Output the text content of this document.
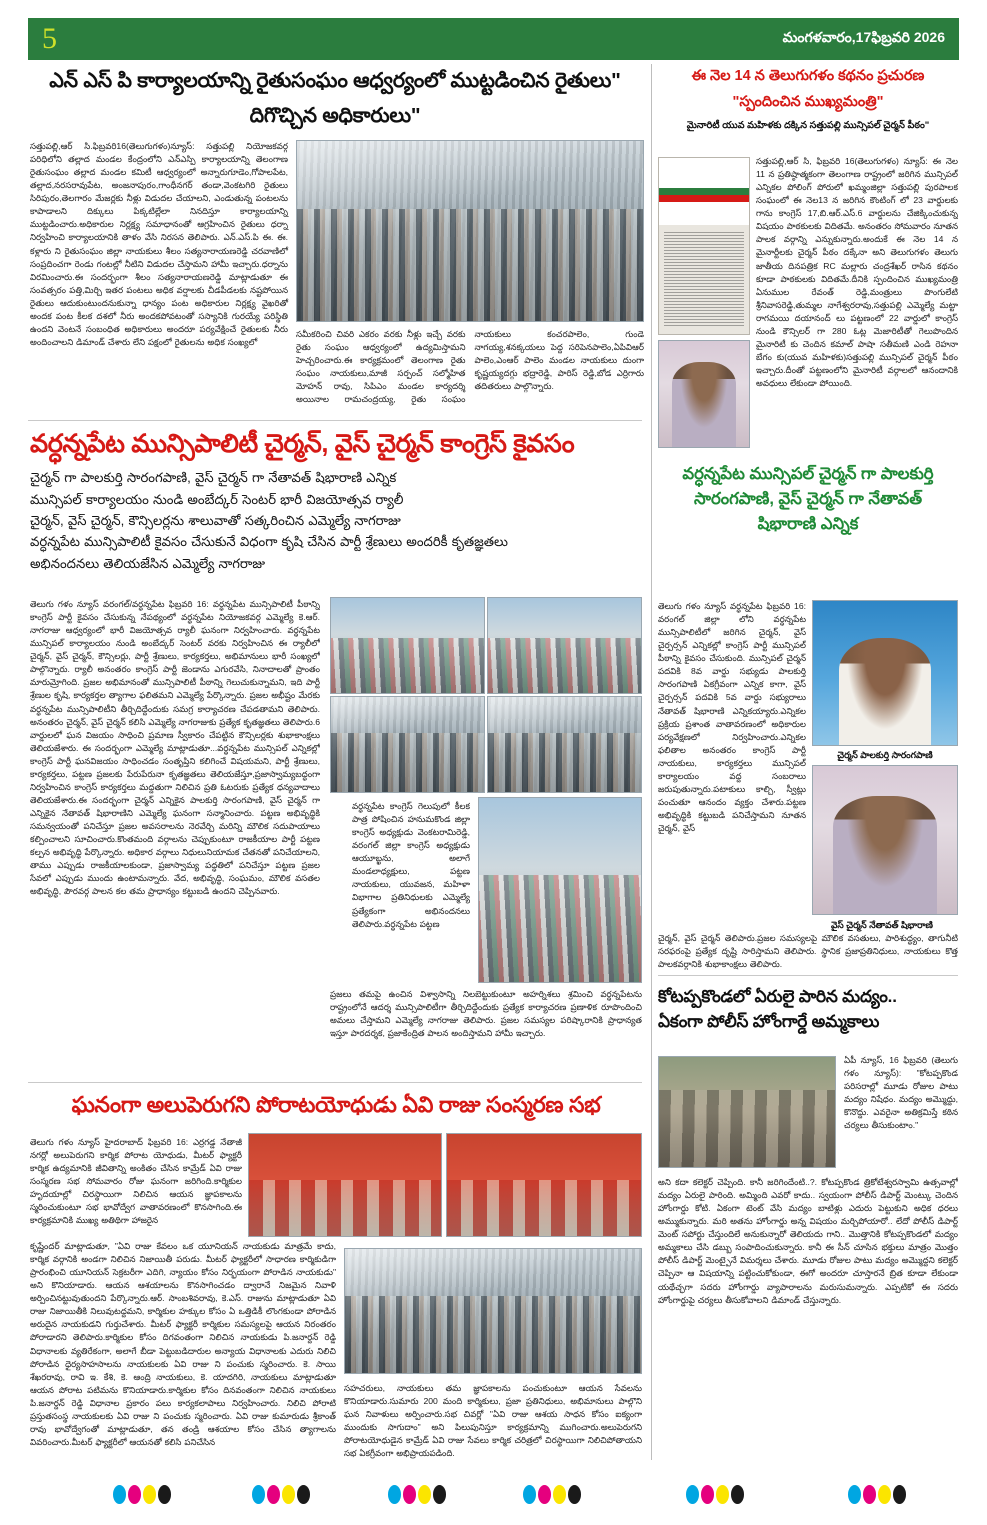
5	మంగళవారం,17ఫిబ్రవరి 2026
ఎన్ ఎస్ పి కార్యాలయాన్ని రైతుసంఘం ఆధ్వర్యంలో ముట్టడించిన రైతులు"
దిగొచ్చిన అధికారులు"

సత్తుపల్లి,ఆర్ సి.ఫిబ్రవరి16(తెలుగుగళం)న్యూస్: సత్తుపల్లి నియోజకవర్గ పరిధిలోని తల్లాద మండల కేంద్రంలోని ఎన్ఎస్పి కార్యాలయాన్ని తెలంగాణ రైతుసంఘం తల్లాద మండల కమిటీ ఆధ్వర్యంలో అన్నారుగూడెం,గోపాలపేట, తల్లాద,నరసరావుపేట, అంజనాపురం,గాంధీనగర్ తండా,వెంకటగిరి రైతులు సిరిపురం,తెలగారం మేజర్లకు నీళ్లు విడుదల చేయాలని, ఎండుతున్న పంటలను కాపాడాలని దిక్కులు పిక్కటిల్లేలా నినదిస్తూ కార్యాలయాన్ని ముట్టడించారు.అధికారుల నిర్లక్ష్య సమాధానంతో ఆగ్రహించిన రైతులు ధర్నా నిర్వహించి కార్యాలయానికి తాళం వేసి నిరసన తెలిపారు. ఎన్.ఎస్.పి ఈ. ఈ. కళ్లారు ని రైతుసంఘం జిల్లా నాయకులు శీలం సత్యనారాయణరెడ్డి చరవాణిలో సంప్రదించగా రెండు గంటల్లో నీటిని విడుదల చేస్తామని హామీ ఇచ్చారు.ధర్నాను విరమించారు.ఈ సందర్భంగా శీలం సత్యనారాయణరెడ్డి మాట్లాడుతూ ఈ సంవత్సరం పత్తి,మిర్చి ఇతర పంటలు అధిక వర్షాలకు చీడపీడలకు నష్టపోయిన రైతులు ఆదుకుంటుందనుకున్నా ధాన్యం పంట అధికారుల నిర్లక్ష్య వైఖరితో అందక పంట కీలక దశలో నీరు అందకపోవటంతో సస్యానికి గురయ్యే పరిస్థితి ఉందని వెంటనే సంబంధిత అధికారులు అందరూ పర్యవేక్షించే రైతులకు నీరు అందించాలని డిమాండ్ చేశారు లేని పక్షంలో రైతులను అధిక సంఖ్యలో

సమీకరించి చివరి ఎకరం వరకు నీళ్లు ఇచ్చే వరకు రైతు సంఘం ఆధ్వర్యంలో ఉద్యమిస్తామని హెచ్చరించారు.ఈ కార్యక్రమంలో తెలంగాణ రైతు సంఘం నాయకులు,మాజీ సర్పంచ్ సల్మోహిత మోహన్ రావు, సిపిఎం మండల కార్యదర్శి అయినాల రామచంద్రయ్య, రైతు సంఘం నాయకులు కంచరపాలెం, గుండె నాగయ్య,శనక్కయలు పెద్ద సరిపెనపాలెం,ఏపివిఆర్ పాలెం,ఎంఆర్ పాలెం మండల నాయకులు దుంగా కృష్ణయ్యదగ్గు భద్రారెడ్డి, పారిస్ రెడ్డి,బోడ ఎర్రిగారు తదితరులు పాల్గొన్నారు.

ఈ నెల 14 న తెలుగుగళం కథనం ప్రచురణ
"స్పందించిన ముఖ్యమంత్రి"
మైనారిటీ యువ మహిళకు దక్కిన సత్తుపల్లి మున్సిపల్ చైర్మన్ పీఠం"

సత్తుపల్లి,ఆర్ సి, ఫిబ్రవరి 16(తెలుగుగళం) న్యూస్: ఈ నెల 11 న ప్రతిష్ఠాత్మకంగా తెలంగాణ రాష్ట్రంలో జరిగిన మున్సిపల్ ఎన్నికల పోలింగ్ పోరులో ఖమ్మంజిల్లా సత్తుపల్లి పురపాలక సంఘంలో ఈ నెల13 న జరిగిన కౌంటింగ్ లో 23 వార్డులకు గాను కాంగ్రెస్ 17,బి.ఆర్.ఎస్.6 వార్డులను చేజిక్కించుకున్న విషయం పాఠకులకు విదితమే. అనంతరం సోమవారం నూతన పాలక వర్గాన్ని ఎన్నుకున్నారు.అందుకే ఈ నెల 14 న మైనార్టీలకు చైర్మన్ పీఠం దక్కేనా అని తెలుగుగళం తెలుగు జాతీయ దినపత్రిక RC మల్లారు చంద్రశేఖర్ రాసిన కథనం కూడా పాఠకులకు విదితమే.దీనికి స్పందించిన ముఖ్యమంత్రి ఏనుముల రేవంత్ రెడ్డి,మంత్రులు పొంగులేటి శ్రీనివాసరెడ్డి,తుమ్మల నాగేశ్వరరావు,సత్తుపల్లి ఎమ్మెల్యే మట్టా రాగమయి దయానంద్ లు పట్టణంలో 22 వార్డులో కాంగ్రెస్ నుండి కౌన్సిలర్ గా 280 ఓట్ల మెజారిటీతో గెలుపొందిన మైనారిటీ కు చెందిన కమాల్ పాషా సతీమణి ఎండి రెహనా బేగం కు(యువ మహిళకు)సత్తుపల్లి మున్సిపల్ చైర్మన్ పీఠం ఇచ్చారు.దీంతో పట్టణంలోని మైనారిటీ వర్గాలలో ఆనందానికి అవధులు లేకుండా పోయింది.

వర్ధన్నపేట మున్సిపాలిటీ చైర్మన్, వైస్ చైర్మన్ కాంగ్రెస్ కైవసం
చైర్మన్ గా పాలకుర్తి సారంగపాణి, వైస్ చైర్మన్ గా నేతావత్ షిభారాణి ఎన్నిక
మున్సిపల్ కార్యాలయం నుండి అంబేద్కర్ సెంటర్ భారీ విజయోత్సవ ర్యాలీ
చైర్మన్, వైస్ చైర్మన్, కౌన్సిలర్లను శాలువాతో సత్కరించిన ఎమ్మెల్యే నాగరాజు
వర్ధన్నపేట మున్సిపాలిటీ కైవసం చేసుకునే విధంగా కృషి చేసిన పార్టీ శ్రేణులు అందరికీ కృతజ్ఞతలు
అభినందనలు తెలియజేసిన ఎమ్మెల్యే నాగరాజు

తెలుగు గళం న్యూస్ వరంగల్/వర్ధన్నపేట ఫిబ్రవరి 16: వర్ధన్నపేట మున్సిపాలిటీ పీఠాన్ని కాంగ్రెస్ పార్టీ కైవసం చేసుకున్న నేపథ్యంలో వర్ధన్నపేట నియోజకవర్గ ఎమ్మెల్యే కె.ఆర్. నాగరాజు ఆధ్వర్యంలో భారీ విజయోత్సవ ర్యాలీ ఘనంగా నిర్వహించారు. వర్ధన్నపేట మున్సిపల్ కార్యాలయం నుండి అంబేద్కర్ సెంటర్ వరకు నిర్వహించిన ఈ ర్యాలీలో చైర్మన్, వైస్ చైర్మన్, కౌన్సిలర్లు, పార్టీ శ్రేణులు, కార్యకర్తలు, అభిమానులు భారీ సంఖ్యలో పాల్గొన్నారు. ర్యాలీ అనంతరం కాంగ్రెస్ పార్టీ జెండాను ఎగురవేసి, నినాదాలతో ప్రాంతం మారుమ్రోగింది. ప్రజల అభిమానంతో మున్సిపాలిటీ పీఠాన్ని గెలుచుకున్నామని, ఇది పార్టీ శ్రేణుల కృషి, కార్యకర్తల త్యాగాల ఫలితమని ఎమ్మెల్యే పేర్కొన్నారు. ప్రజల అభీష్టం మేరకు వర్ధన్నపేట మున్సిపాలిటీని తీర్చిదిద్దేందుకు సమగ్ర కార్యాచరణ చేపడతామని తెలిపారు. అనంతరం చైర్మన్, వైస్ చైర్మన్ కలిసి ఎమ్మెల్యే నాగరాజుకు ప్రత్యేక కృతజ్ఞతలు తెలిపారు.6 వార్డులలో ఘన విజయం సాధించి ప్రమాణ స్వీకారం చేపట్టిన కౌన్సిలర్లకు శుభాకాంక్షలు తెలియజేశారు. ఈ సందర్భంగా ఎమ్మెల్యే మాట్లాడుతూ...వర్ధన్నపేట మున్సిపల్ ఎన్నికల్లో కాంగ్రెస్ పార్టీ ఘనవిజయం సాధించడం సంతృప్తిని కలిగించే విషయమని, పార్టీ శ్రేణులు, కార్యకర్తలు, పట్టణ ప్రజలకు పేరుపేరునా కృతజ్ఞతలు తెలియజేస్తూ,ప్రజాస్వామ్యబద్ధంగా నిర్వహించిన కాంగ్రెస్ కార్యకర్తలు మద్దతుగా నిలిచిన ప్రతి ఓటరుకు ప్రత్యేక ధన్యవాదాలు తెలియజేశారు.ఈ సందర్భంగా చైర్మన్ ఎన్నికైన పాలకుర్తి సారంగపాణి, వైస్ చైర్మన్ గా ఎన్నికైన నేతావత్ షిభారాణిని ఎమ్మెల్యే ఘనంగా సన్మానించారు. పట్టణ అభివృద్ధికి సమన్వయంతో పనిచేస్తూ ప్రజల అవసరాలను నెరవేర్చి మరిన్ని మౌలిక సదుపాయాలు కల్పించాలని సూచించారు.కొంతమంది వర్గాలను చెప్పుకుంటూ రాజకీయాల పార్టీ పట్టణ కల్పన అభివృద్ధి పేర్కొన్నారు. అధికార వర్గాలు నిధులునియామక చేతనతో పనిచేయాలని, తాము ఎప్పుడు రాజకీయాలకుండా, ప్రజాస్వామ్య పద్ధతిలో పనిచేస్తూ పట్టణ ప్రజల సేవలో ఎప్పుడు ముందు ఉంటామన్నారు. వేద, అభివృద్ధి, సంఘమం, మౌలిక వసతల అభివృద్ధి, పౌరవర్గ పాలన కల తమ ప్రాధాన్యం కట్టుబడి ఉందని చెప్పినవారు.

వర్ధన్నపేట కాంగ్రెస్ గెలుపులో కీలక పాత్ర పోషించిన హనుమకొండ జిల్లా కాంగ్రెస్ అధ్యక్షుడు వెంకటరామిరెడ్డి, వరంగల్ జిల్లా కాంగ్రెస్ అధ్యక్షుడు ఆయూబ్ఖను, అలాగే మండలాధ్యక్షులు, పట్టణ నాయకులు, యువజన, మహిళా విభాగాల ప్రతినిధులకు ఎమ్మెల్యే ప్రత్యేకంగా అభినందనలు తెలిపారు.వర్ధన్నపేట పట్టణ

ప్రజలు తమపై ఉంచిన విశ్వాసాన్ని నిలబెట్టుకుంటూ అహర్నిశలు శ్రమించి వర్ధన్నపేటను రాష్ట్రంలోనే ఆదర్శ మున్సిపాలిటీగా తీర్చిదిద్దేందుకు ప్రత్యేక కార్యాచరణ ప్రణాళిక రూపొందించి అమలు చేస్తామని ఎమ్మెల్యే నాగరాజు తెలిపారు. ప్రజల సమస్యల పరిష్కారానికి ప్రాధాన్యత ఇస్తూ పారదర్శక, ప్రజాకేంద్రిత పాలన అందిస్తామని హామీ ఇచ్చారు.

వర్ధన్నపేట మున్సిపల్ చైర్మన్ గా పాలకుర్తి
సారంగపాణి, వైస్ చైర్మన్ గా నేతావత్
షిభారాణి ఎన్నిక

తెలుగు గళం న్యూస్ వర్ధన్నపేట ఫిబ్రవరి 16: వరంగల్ జిల్లా లోని వర్ధన్నపేట మున్సిపాలిటీలో జరిగిన చైర్మన్, వైస్ చైర్పర్సన్ ఎన్నికల్లో కాంగ్రెస్ పార్టీ మున్సిపల్ పీఠాన్ని కైవసం చేసుకుంది. మున్సిపల్ చైర్మన్ పదవికి 8వ వార్డు సభ్యుడు పాలకుర్తి సారంగపాణి ఏకగ్రీవంగా ఎన్నిక కాగా, వైస్ చైర్పర్సన్ పదవికి 5వ వార్డు సభ్యురాలు నేతావత్ షిభారాణి ఎన్నికయ్యారు.ఎన్నికల ప్రక్రియ ప్రశాంత వాతావరణంలో అధికారుల పర్యవేక్షణలో నిర్వహించారు.ఎన్నికల ఫలితాల అనంతరం కాంగ్రెస్ పార్టీ నాయకులు, కార్యకర్తలు మున్సిపల్ కార్యాలయం వద్ద సంబరాలు జరుపుతున్నారు.పటాకులు కాల్చి, స్వీట్లు పంచుతూ ఆనందం వ్యక్తం చేశారు.పట్టణ అభివృద్ధికి కట్టుబడి పనిచేస్తామని నూతన చైర్మన్, వైస్

చైర్మన్ పాలకుర్తి సారంగపాణి
వైస్ చైర్మన్ నేతావత్ షిభారాణి

చైర్మన్, వైస్ చైర్మన్ తెలిపారు.ప్రజల సమస్యలపై మౌలిక వసతులు, పారిశుద్ధ్యం, తాగునీటి సరఫరంపై ప్రత్యేక దృష్టి సారిస్తామని తెలిపారు. స్థానిక ప్రజాప్రతినిధులు, నాయకులు కొత్త పాలకవర్గానికి శుభాకాంక్షలు తెలిపారు.

కోటప్పకొండలో ఏరులై పారిన మద్యం..
ఏకంగా పోలీస్ హోంగార్డే అమ్మకాలు

ఏపీ న్యూస్, 16 ఫిబ్రవరి (తెలుగు గళం న్యూస్): "కోటప్పకొండ పరిసరాల్లో మూడు రోజుల పాటు మద్యం నిషేధం. మద్యం అమ్మొద్దు, కొనొద్దు. ఎవరైనా అతిక్రమిస్తే కఠిన చర్యలు తీసుకుంటాం."

అని కదా కలెక్టర్ చెప్పింది. కానీ జరిగిందేంటి..?. కోటప్పకొండ త్రికోటేశ్వరస్వామి ఉత్సవాల్లో మద్యం ఏరులై పారింది. అమ్మింది ఎవరో కాదు.. స్వయంగా పోలీస్ డిపార్ట్ మెంట్కు చెందిన హోంగార్డు కోటి. ఏకంగా టెంట్ వేసి మద్యం బాటిళ్లు ఎదురు పెట్టుకుని అధిక ధరలు అమ్ముకున్నారు. మరి అతను హోంగార్డు అన్న విషయం మర్చిపోయారో.. లేదో పోలీస్ డిపార్ట్ మెంట్ సపోర్టు చేస్తుందిలే అనుకున్నారో తెలియదు గాని.. మొత్తానికి కోటప్పకొండలో మద్యం అమ్మకాలు చేసి డబ్బు సంపాదించుకున్నారు. కానీ ఈ సీన్ చూసిన భక్తులు మాత్రం మొత్తం పోలీస్ డిపార్ట్ మెంట్పైనే విమర్శలు చేశారు. మూడు రోజుల పాటు మద్యం అమ్మొద్దని కలెక్టర్ చెప్పినా ఆ విషయాన్ని పట్టించుకోకుండా, ఈగో అందరూ చూస్తారనే బ్రిత కూడా లేకుండా యథేచ్ఛగా సదరు హోంగార్డు వ్యాపారాలను మరుసుమన్నారు. ఎప్పటికో ఈ సదరు హోంగార్డుపై చర్యలు తీసుకోవాలని డిమాండ్ చేస్తున్నారు.

ఘనంగా అలుపెరుగని పోరాటయోధుడు ఏవి రాజు సంస్మరణ సభ

తెలుగు గళం న్యూస్ హైదరాబాద్ ఫిబ్రవరి 16: ఎర్రగడ్డ నేతాజీ నగర్లో అలుపెరుగని కార్మిక పోరాట యోధుడు, మీటర్ ఫ్యాక్టరీ కార్మిక ఉద్యమానికి జీవితాన్ని అంకితం చేసిన కామ్రేడ్ ఏవి రాజు సంస్మరణ సభ సోమవారం రోజు ఘనంగా జరిగింది.కార్మికుల హృదయాల్లో చిరస్థాయిగా నిలిచిన ఆయన జ్ఞాపకాలను స్మరించుకుంటూ సభ భావోద్వేగ వాతావరణంలో కొనసాగింది.ఈ కార్యక్రమానికి ముఖ్య అతిథిగా హాజరైన

కృష్ణేందర్ మాట్లాడుతూ, "ఏవి రాజు కేవలం ఒక యూనియన్ నాయకుడు మాత్రమే కాదు, కార్మిక వర్గానికి అండగా నిలిచిన నిజాయితీ పరుడు. మీటర్ ఫ్యాక్టరీలో సాధారణ కార్మికుడిగా ప్రారంభించి యూనియన్ సెక్రటరీగా ఎదిగి, న్యాయం కోసం నిర్భయంగా పోరాడిన నాయకుడు" అని కొనియాడారు. ఆయన ఆశయాలను కొనసాగించడం ద్వారానే నిజమైన నివాళి అర్పించినట్టువుతుందని పేర్కొన్నారు.ఆర్. సాంబశివరావు, కె.ఎస్. రాజును మాట్లాడుతూ ఏవి రాజు నిజాయితీకి నిలువుటద్దమని, కార్మికుల హక్కుల కోసం ఏ ఒత్తిడికీ లొంగకుండా పోరాడిన అరుదైన నాయకుడని గుర్తుచేశారు. మీటర్ ఫ్యాక్టరీ కార్మికుల సమస్యలపై ఆయన నిరంతరం పోరాడారని తెలిపారు.కార్మికుల కోసం దిగవంతంగా నిలిచిన నాయకుడు పి.జనార్దన్ రెడ్డి విధానాలకు వ్యతిరేకంగా, అలాగే బీడా పెట్టుబడిదారుల అన్యాయ విధానాలకు ఎదురు నిలిచి పోరాడిన ధైర్యసాహసాలను నాయకులకు ఏవి రాజు ని పంచుకు స్మరించారు. కె. సాయి శేఖరరావు, రావి ఇ. కేశి, కె. ఆంద్రి నాయకులు, కె. యాదగిరి, నాయకులు మాట్లాడుతూ ఆయన పోరాట పటిమను కొనియాడారు.కార్మికుల కోసం దినవంతంగా నిలిచిన నాయకులు పి.జనార్దన్ రెడ్డి విధానాల ప్రకారం పలు కార్యకలాపాలు నిర్వహించారు. నిలిచి పోరాటి ప్రస్తుతసంస్థ నాయకులకు ఏవి రాజు ని పంచుకు స్మరించారు. ఏవి రాజు కుమారుడు శ్రీకాంత్ రావు భావోద్వేగంతో మాట్లాడుతూ, తన తండ్రి ఆశయాల కోసం చేసిన త్యాగాలను వివరించారు.మీటర్ ఫ్యాక్టరీలో ఆయనతో కలిసి పనిచేసిన

సహచరులు, నాయకులు తమ జ్ఞాపకాలను పంచుకుంటూ ఆయన సేవలను కొనియాడారు.సుమారు 200 మంది కార్మికులు, ప్రజా ప్రతినిధులు, అభిమానులు పాల్గొని ఘన నివాళులు అర్పించారు.సభ చివర్లో "ఏవి రాజు ఆశయ సాధన కోసం ఐక్యంగా ముందుకు సాగుదాం" అని పిలుపునిస్తూ కార్యక్రమాన్ని ముగించారు.అలుపెరుగని పోరాటయోధుడైన కామ్రేడ్ ఏవి రాజు సేవలు కార్మిక చరిత్రలో చిరస్థాయిగా నిలిచిపోతాయని సభ ఏకగ్రీవంగా అభిప్రాయపడింది.
